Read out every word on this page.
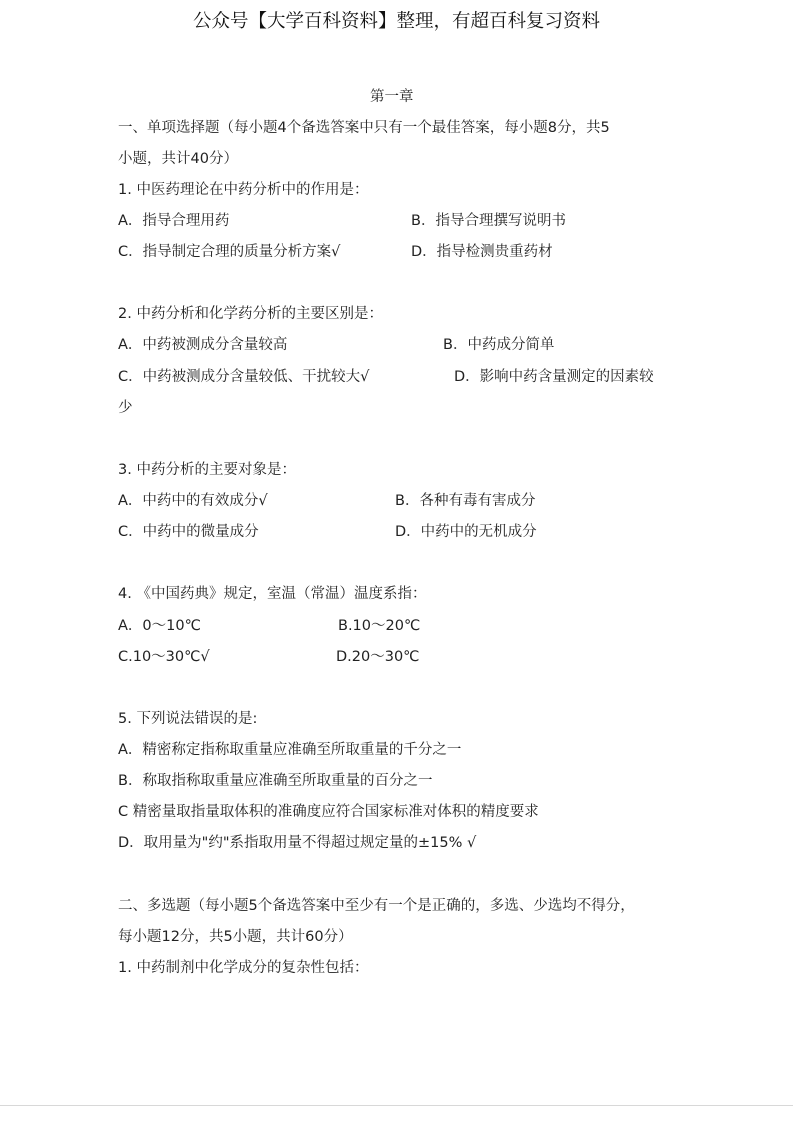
公众号【大学百科资料】整理，有超百科复习资料
第一章
一、单项选择题（每小题4个备选答案中只有一个最佳答案，每小题8分，共5
小题，共计40分）
1. 中医药理论在中药分析中的作用是：
A．指导合理用药	B．指导合理撰写说明书
C．指导制定合理的质量分析方案√	D．指导检测贵重药材
2. 中药分析和化学药分析的主要区别是：
A．中药被测成分含量较高	B．中药成分简单
C．中药被测成分含量较低、干扰较大√	D．影响中药含量测定的因素较
少
3. 中药分析的主要对象是：
A．中药中的有效成分√	B．各种有毒有害成分
C．中药中的微量成分	D．中药中的无机成分
4. 《中国药典》规定，室温（常温）温度系指：
A．0～10℃	B.10～20℃
C.10～30℃√	D.20～30℃
5. 下列说法错误的是:
A．精密称定指称取重量应准确至所取重量的千分之一
B．称取指称取重量应准确至所取重量的百分之一
C 精密量取指量取体积的准确度应符合国家标准对体积的精度要求
D．取用量为"约"系指取用量不得超过规定量的±15% √
二、多选题（每小题5个备选答案中至少有一个是正确的，多选、少选均不得分，
每小题12分，共5小题，共计60分）
1. 中药制剂中化学成分的复杂性包括：
